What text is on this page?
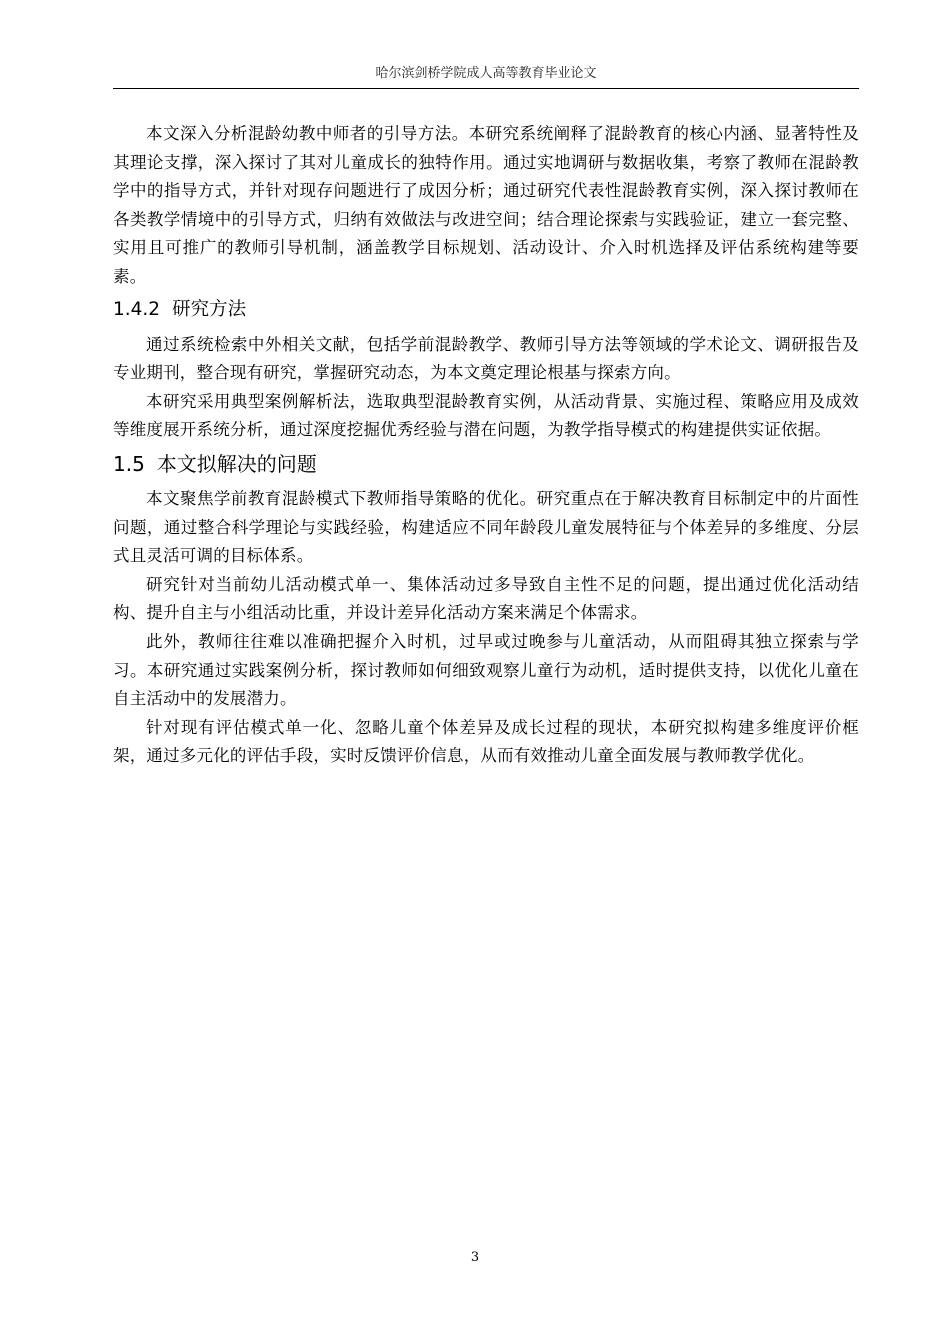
哈尔滨剑桥学院成人高等教育毕业论文

本文深入分析混龄幼教中师者的引导方法。本研究系统阐释了混龄教育的核心内涵、显著特性及其理论支撑，深入探讨了其对儿童成长的独特作用。通过实地调研与数据收集，考察了教师在混龄教学中的指导方式，并针对现存问题进行了成因分析；通过研究代表性混龄教育实例，深入探讨教师在各类教学情境中的引导方式，归纳有效做法与改进空间；结合理论探索与实践验证，建立一套完整、实用且可推广的教师引导机制，涵盖教学目标规划、活动设计、介入时机选择及评估系统构建等要素。

1.4.2 研究方法

通过系统检索中外相关文献，包括学前混龄教学、教师引导方法等领域的学术论文、调研报告及专业期刊，整合现有研究，掌握研究动态，为本文奠定理论根基与探索方向。

本研究采用典型案例解析法，选取典型混龄教育实例，从活动背景、实施过程、策略应用及成效等维度展开系统分析，通过深度挖掘优秀经验与潜在问题，为教学指导模式的构建提供实证依据。

1.5 本文拟解决的问题

本文聚焦学前教育混龄模式下教师指导策略的优化。研究重点在于解决教育目标制定中的片面性问题，通过整合科学理论与实践经验，构建适应不同年龄段儿童发展特征与个体差异的多维度、分层式且灵活可调的目标体系。

研究针对当前幼儿活动模式单一、集体活动过多导致自主性不足的问题，提出通过优化活动结构、提升自主与小组活动比重，并设计差异化活动方案来满足个体需求。

此外，教师往往难以准确把握介入时机，过早或过晚参与儿童活动，从而阻碍其独立探索与学习。本研究通过实践案例分析，探讨教师如何细致观察儿童行为动机，适时提供支持，以优化儿童在自主活动中的发展潜力。

针对现有评估模式单一化、忽略儿童个体差异及成长过程的现状，本研究拟构建多维度评价框架，通过多元化的评估手段，实时反馈评价信息，从而有效推动儿童全面发展与教师教学优化。

3
